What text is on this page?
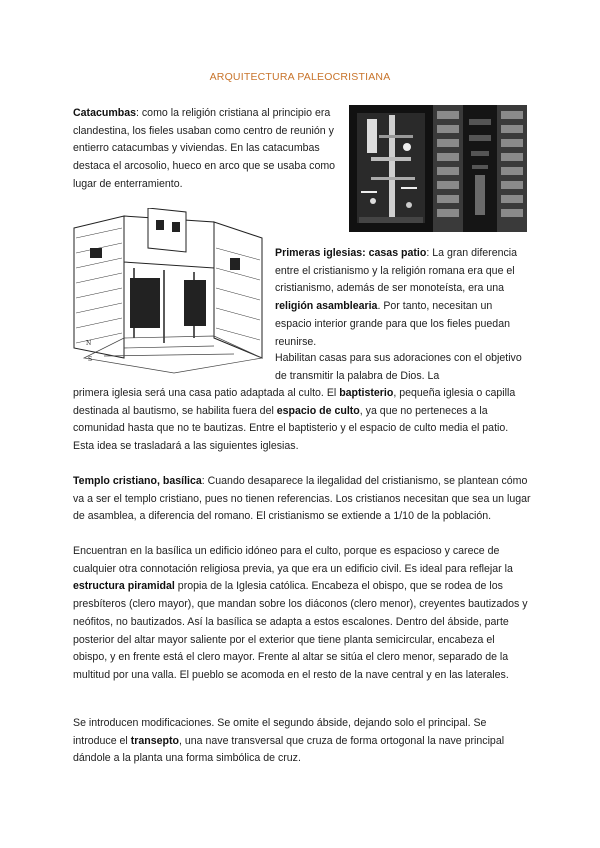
ARQUITECTURA PALEOCRISTIANA

Catacumbas: como la religión cristiana al principio era clandestina, los fieles usaban como centro de reunión y entierro catacumbas y viviendas. En las catacumbas destaca el arcosolio, hueco en arco que se usaba como lugar de enterramiento.

N
S

Primeras iglesias: casas patio: La gran diferencia entre el cristianismo y la religión romana era que el cristianismo, además de ser monoteísta, era una religión asamblearia. Por tanto, necesitan un espacio interior grande para que los fieles puedan reunirse.

Habilitan casas para sus adoraciones con el objetivo de transmitir la palabra de Dios. La

primera iglesia será una casa patio adaptada al culto. El baptisterio, pequeña iglesia o capilla destinada al bautismo, se habilita fuera del espacio de culto, ya que no perteneces a la comunidad hasta que no te bautizas. Entre el baptisterio y el espacio de culto media el patio. Esta idea se trasladará a las siguientes iglesias.

Templo cristiano, basílica: Cuando desaparece la ilegalidad del cristianismo, se plantean cómo va a ser el templo cristiano, pues no tienen referencias. Los cristianos necesitan que sea un lugar de asamblea, a diferencia del romano. El cristianismo se extiende a 1/10 de la población.

Encuentran en la basílica un edificio idóneo para el culto, porque es espacioso y carece de cualquier otra connotación religiosa previa, ya que era un edificio civil. Es ideal para reflejar la estructura piramidal propia de la Iglesia católica. Encabeza el obispo, que se rodea de los presbíteros (clero mayor), que mandan sobre los diáconos (clero menor), creyentes bautizados y neófitos, no bautizados. Así la basílica se adapta a estos escalones. Dentro del ábside, parte posterior del altar mayor saliente por el exterior que tiene planta semicircular, encabeza el obispo, y en frente está el clero mayor. Frente al altar se sitúa el clero menor, separado de la multitud por una valla. El pueblo se acomoda en el resto de la nave central y en las laterales.

Se introducen modificaciones. Se omite el segundo ábside, dejando solo el principal. Se introduce el transepto, una nave transversal que cruza de forma ortogonal la nave principal dándole a la planta una forma simbólica de cruz.
